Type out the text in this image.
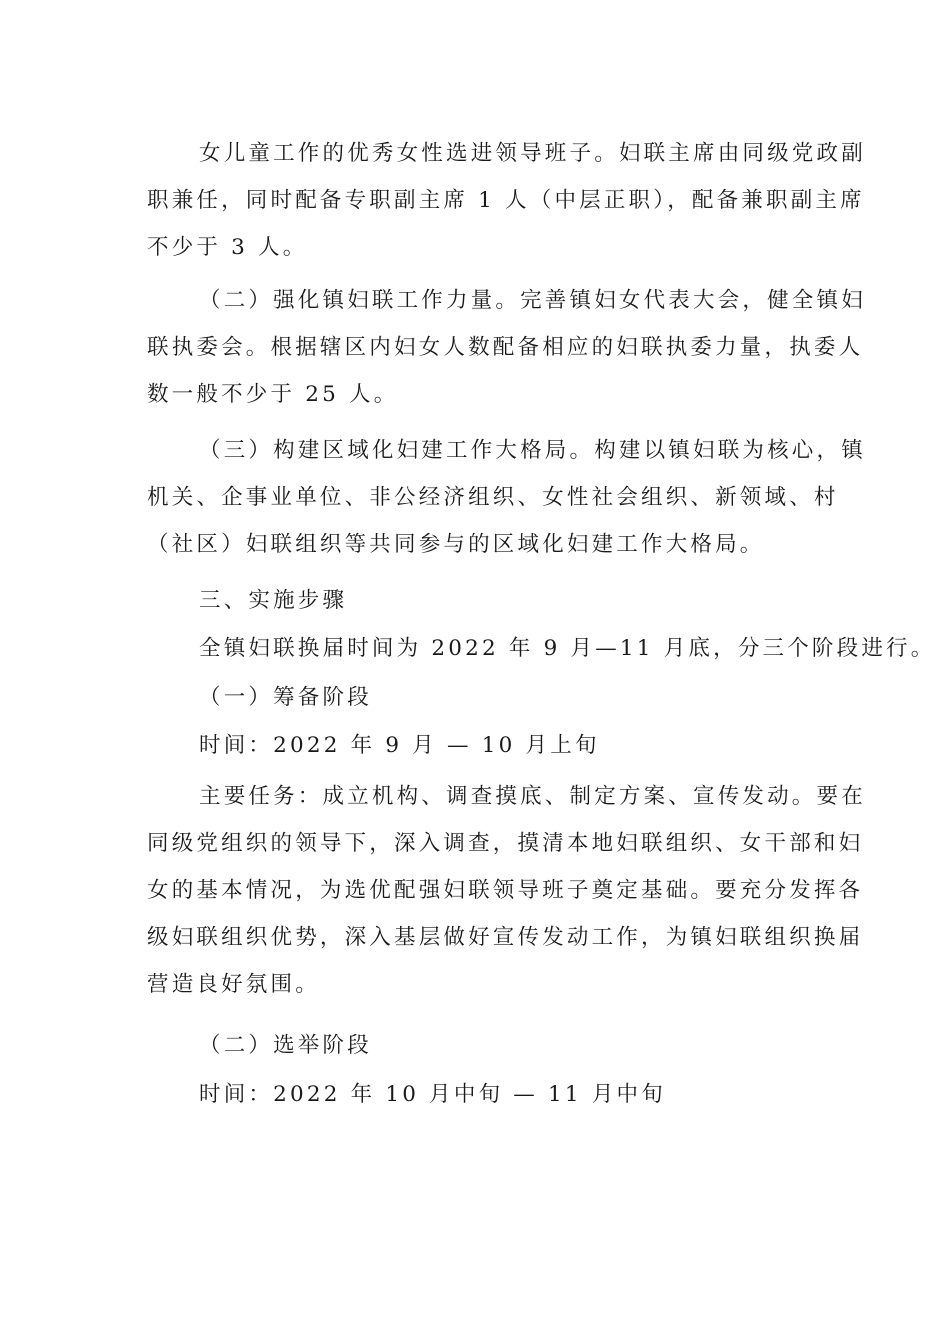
女儿童工作的优秀女性选进领导班子。妇联主席由同级党政副
职兼任，同时配备专职副主席 1 人（中层正职），配备兼职副主席
不少于 3 人。
（二）强化镇妇联工作力量。完善镇妇女代表大会，健全镇妇
联执委会。根据辖区内妇女人数配备相应的妇联执委力量，执委人
数一般不少于 25 人。
（三）构建区域化妇建工作大格局。构建以镇妇联为核心，镇
机关、企事业单位、非公经济组织、女性社会组织、新领域、村
（社区）妇联组织等共同参与的区域化妇建工作大格局。
三、实施步骤
全镇妇联换届时间为 2022 年 9 月—11 月底，分三个阶段进行。
（一）筹备阶段
时间：2022 年 9 月 — 10 月上旬
主要任务：成立机构、调查摸底、制定方案、宣传发动。要在
同级党组织的领导下，深入调查，摸清本地妇联组织、女干部和妇
女的基本情况，为选优配强妇联领导班子奠定基础。要充分发挥各
级妇联组织优势，深入基层做好宣传发动工作，为镇妇联组织换届
营造良好氛围。
（二）选举阶段
时间：2022 年 10 月中旬 — 11 月中旬
